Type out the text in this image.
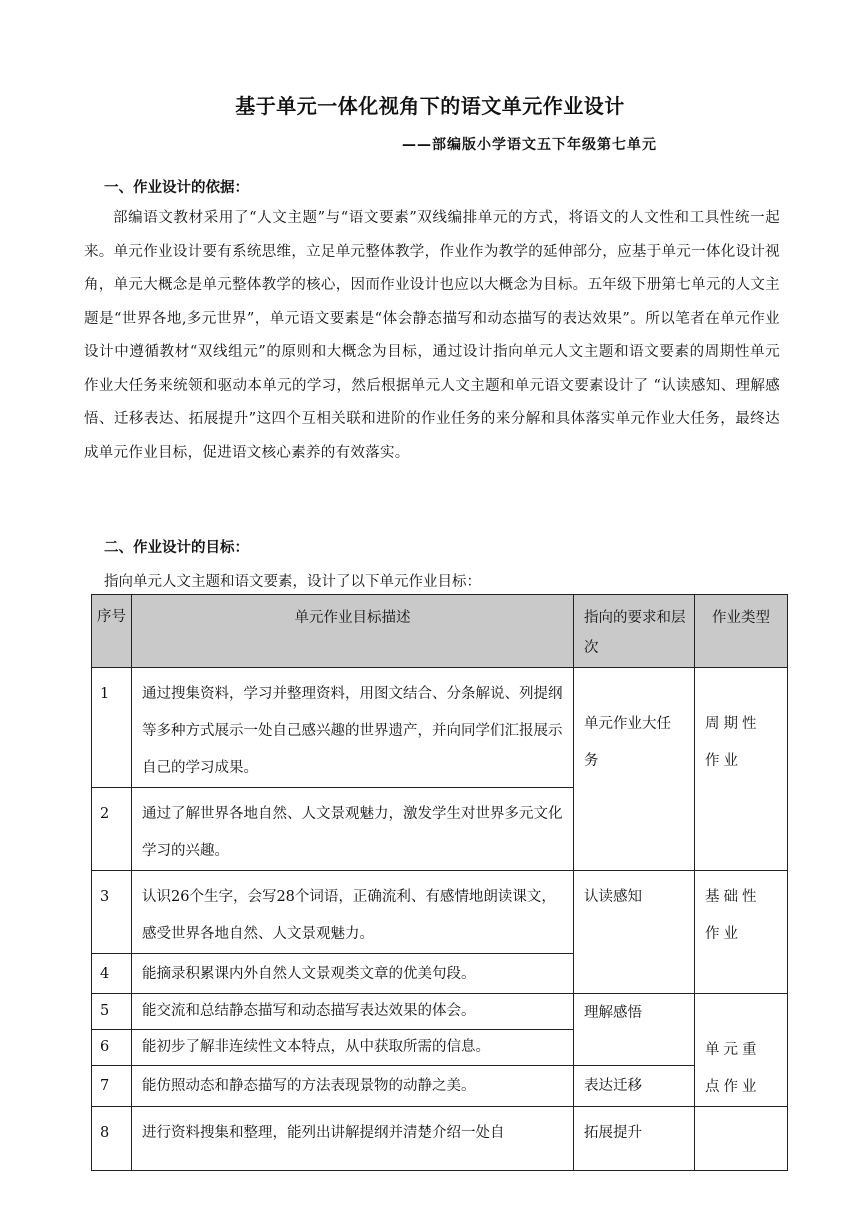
基于单元一体化视角下的语文单元作业设计
——部编版小学语文五下年级第七单元
一、作业设计的依据：

部编语文教材采用了“人文主题”与“语文要素”双线编排单元的方式，将语文的人文性和工具性统一起来。单元作业设计要有系统思维，立足单元整体教学，作业作为教学的延伸部分，应基于单元一体化设计视角，单元大概念是单元整体教学的核心，因而作业设计也应以大概念为目标。五年级下册第七单元的人文主题是“世界各地,多元世界”，单元语文要素是“体会静态描写和动态描写的表达效果”。所以笔者在单元作业设计中遵循教材“双线组元”的原则和大概念为目标，通过设计指向单元人文主题和语文要素的周期性单元作业大任务来统领和驱动本单元的学习，然后根据单元人文主题和单元语文要素设计了 “认读感知、理解感悟、迁移表达、拓展提升”这四个互相关联和进阶的作业任务的来分解和具体落实单元作业大任务，最终达成单元作业目标，促进语文核心素养的有效落实。

二、作业设计的目标：
指向单元人文主题和语文要素，设计了以下单元作业目标：
序号	单元作业目标描述	指向的要求和层次	作业类型

1	通过搜集资料，学习并整理资料，用图文结合、分条解说、列提纲等多种方式展示一处自己感兴趣的世界遗产，并向同学们汇报展示自己的学习成果。	单元作业大任务	周期性作业

2	通过了解世界各地自然、人文景观魅力，激发学生对世界多元文化学习的兴趣。		

3	认识26个生字，会写28个词语，正确流利、有感情地朗读课文，感受世界各地自然、人文景观魅力。	认读感知	基础性作业

4	能摘录积累课内外自然人文景观类文章的优美句段。		

5	能交流和总结静态描写和动态描写表达效果的体会。	理解感悟	单元重点作业

6	能初步了解非连续性文本特点，从中获取所需的信息。		

7	能仿照动态和静态描写的方法表现景物的动静之美。	表达迁移	

8	进行资料搜集和整理，能列出讲解提纲并清楚介绍一处自	拓展提升	
